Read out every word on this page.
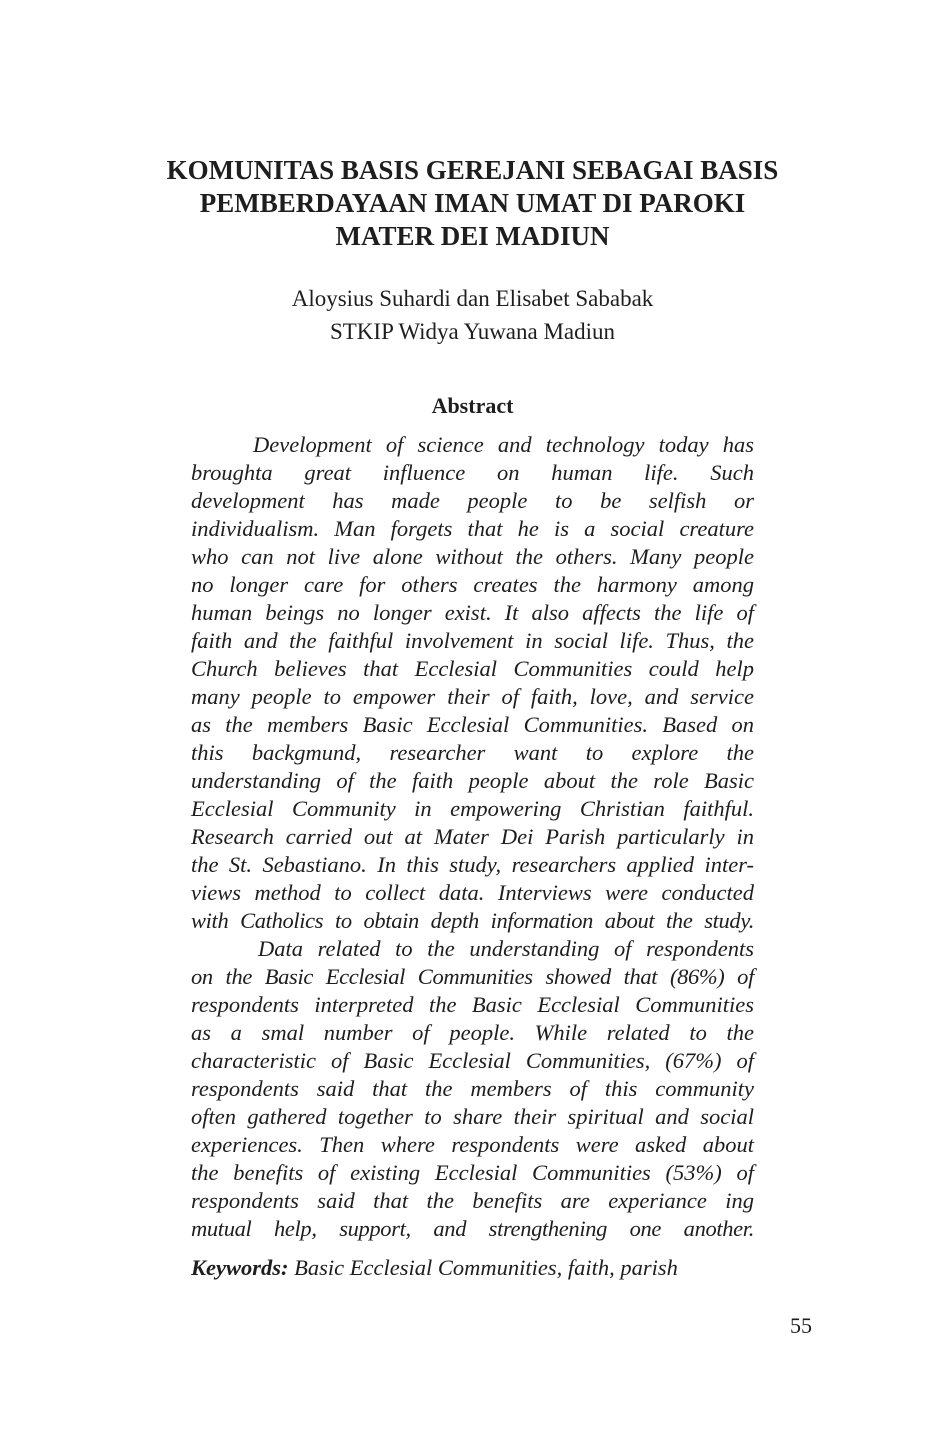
KOMUNITAS BASIS GEREJANI SEBAGAI BASIS
PEMBERDAYAAN IMAN UMAT DI PAROKI
MATER DEI MADIUN
Aloysius Suhardi dan Elisabet Sababak
STKIP Widya Yuwana Madiun
Abstract
Development of science and technology today has
broughta great influence on human life. Such
development has made people to be selfish or
individualism. Man forgets that he is a social creature
who can not live alone without the others. Many people
no longer care for others creates the harmony among
human beings no longer exist. It also affects the life of
faith and the faithful involvement in social life. Thus, the
Church believes that Ecclesial Communities could help
many people to empower their of faith, love, and service
as the members Basic Ecclesial Communities. Based on
this backgmund, researcher want to explore the
understanding of the faith people about the role Basic
Ecclesial Community in empowering Christian faithful.
Research carried out at Mater Dei Parish particularly in
the St. Sebastiano. In this study, researchers applied inter-
views method to collect data. Interviews were conducted
with Catholics to obtain depth information about the study.
Data related to the understanding of respondents
on the Basic Ecclesial Communities showed that (86%) of
respondents interpreted the Basic Ecclesial Communities
as a smal number of people. While related to the
characteristic of Basic Ecclesial Communities, (67%) of
respondents said that the members of this community
often gathered together to share their spiritual and social
experiences. Then where respondents were asked about
the benefits of existing Ecclesial Communities (53%) of
respondents said that the benefits are experiance ing
mutual help, support, and strengthening one another.
Keywords: Basic Ecclesial Communities, faith, parish
55
